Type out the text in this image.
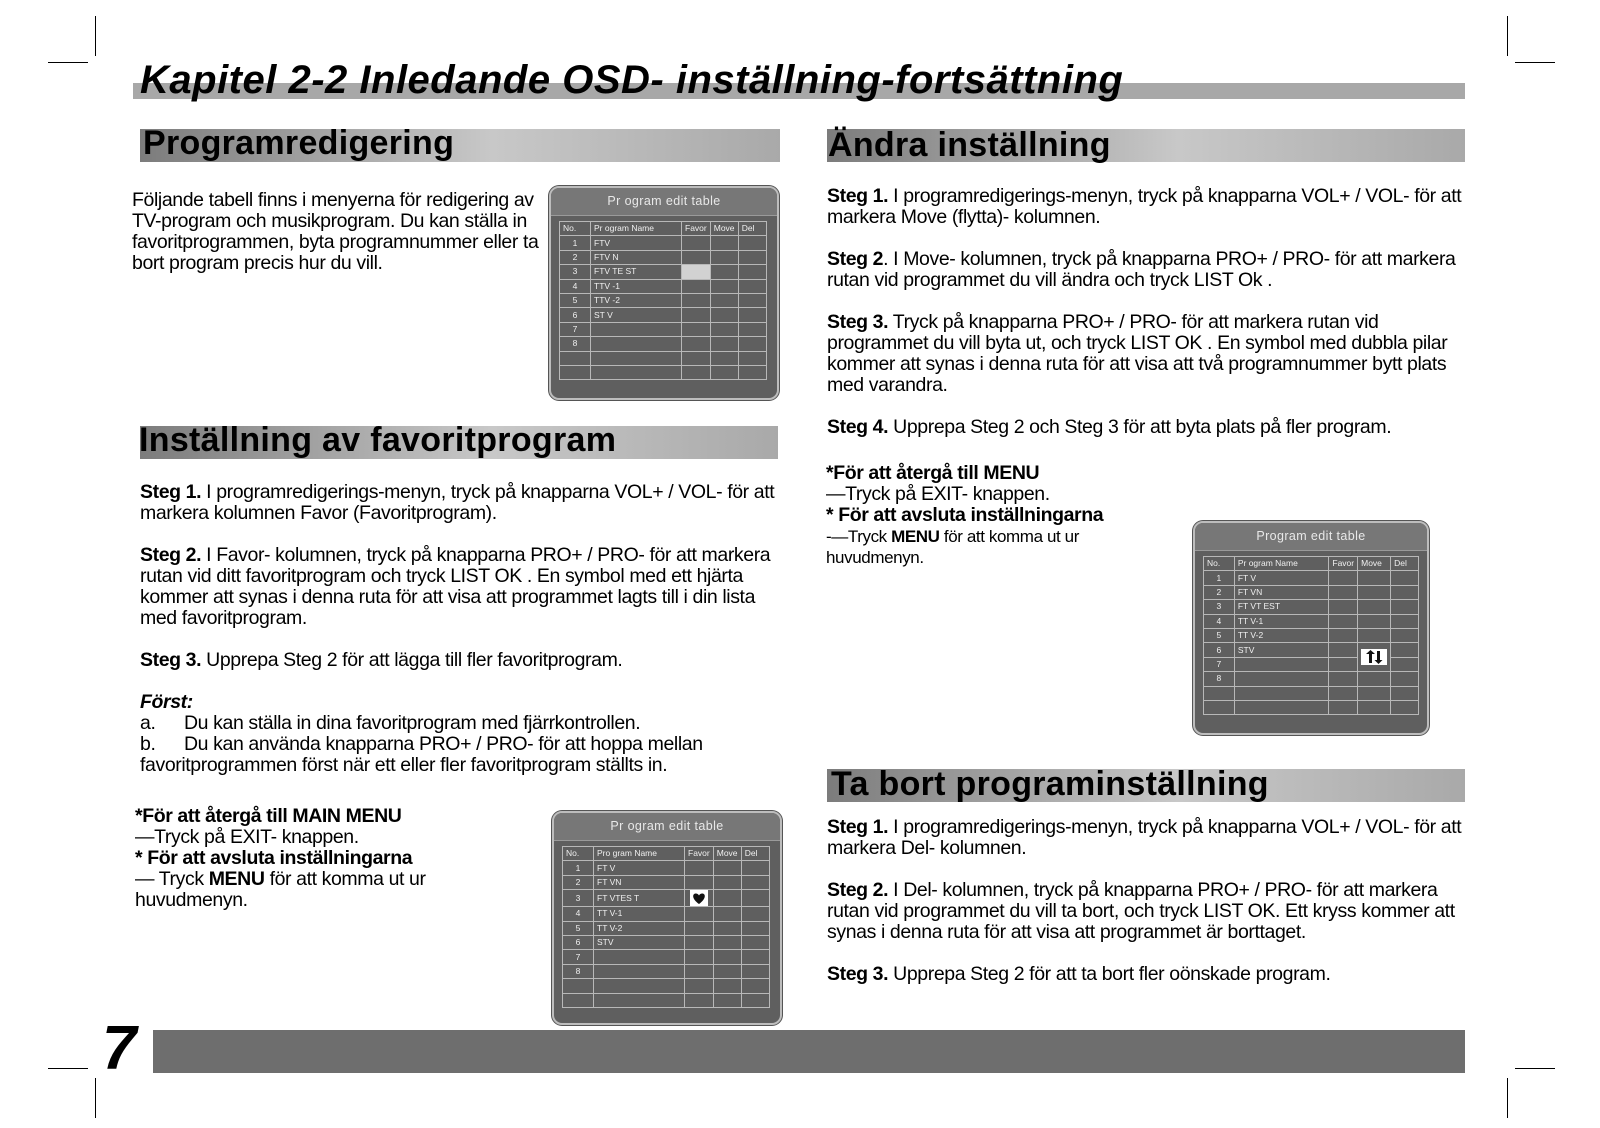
Kapitel 2-2 Inledande OSD- inställning-fortsättning
Programredigering

Följande tabell finns i menyerna för redigering av TV-program och musikprogram. Du kan ställa in favoritprogrammen, byta programnummer eller ta bort program precis hur du vill.

Pr ogram edit table
No.	Pr ogram Name	Favor	Move	Del
1	FTV			
2	FTV N			
3	FTV TE ST			
4	TTV -1			
5	TTV -2			
6	ST V			
7				
8				

Inställning av favoritprogram

Steg 1. I programredigerings-menyn, tryck på knapparna VOL+ / VOL- för att markera kolumnen Favor (Favoritprogram).

Steg 2. I Favor- kolumnen, tryck på knapparna PRO+ / PRO- för att markera rutan vid ditt favoritprogram och tryck LIST OK . En symbol med ett hjärta kommer att synas i denna ruta för att visa att programmet lagts till i din lista med favoritprogram.

Steg 3. Upprepa Steg 2 för att lägga till fler favoritprogram.

Först:

a. Du kan ställa in dina favoritprogram med fjärrkontrollen.

b. Du kan använda knapparna PRO+ / PRO- för att hoppa mellan favoritprogrammen först när ett eller fler favoritprogram ställts in.

*För att återgå till MAIN MENU

—Tryck på EXIT- knappen.

* För att avsluta inställningarna — Tryck MENU för att komma ut ur huvudmenyn.

Pr ogram edit table
No.	Pro gram Name	Favor	Move	Del
1	FT V			
2	FT VN			
3	FT VTES T	

4	TT V-1			
5	TT V-2			
6	STV			
7				
8				

Ändra inställning

Steg 1. I programredigerings-menyn, tryck på knapparna VOL+ / VOL- för att markera Move (flytta)- kolumnen.

Steg 2. I Move- kolumnen, tryck på knapparna PRO+ / PRO- för att markera rutan vid programmet du vill ändra och tryck LIST Ok .

Steg 3. Tryck på knapparna PRO+ / PRO- för att markera rutan vid programmet du vill byta ut, och tryck LIST OK . En symbol med dubbla pilar kommer att synas i denna ruta för att visa att två programnummer bytt plats med varandra.

Steg 4. Upprepa Steg 2 och Steg 3 för att byta plats på fler program.

*För att återgå till MENU

—Tryck på EXIT- knappen.

* För att avsluta inställningarna

-—Tryck MENU för att komma ut ur huvudmenyn.

Program edit table
No.	Pr ogram Name	Favor	Move	Del
1	FT V			
2	FT VN			
3	FT VT EST			
4	TT V-1			
5	TT V-2			
6	STV			
7				
8				

Ta bort programinställning

Steg 1. I programredigerings-menyn, tryck på knapparna VOL+ / VOL- för att markera Del- kolumnen.

Steg 2. I Del- kolumnen, tryck på knapparna PRO+ / PRO- för att markera rutan vid programmet du vill ta bort, och tryck LIST OK. Ett kryss kommer att synas i denna ruta för att visa att programmet är borttaget.

Steg 3. Upprepa Steg 2 för att ta bort fler oönskade program.

7
